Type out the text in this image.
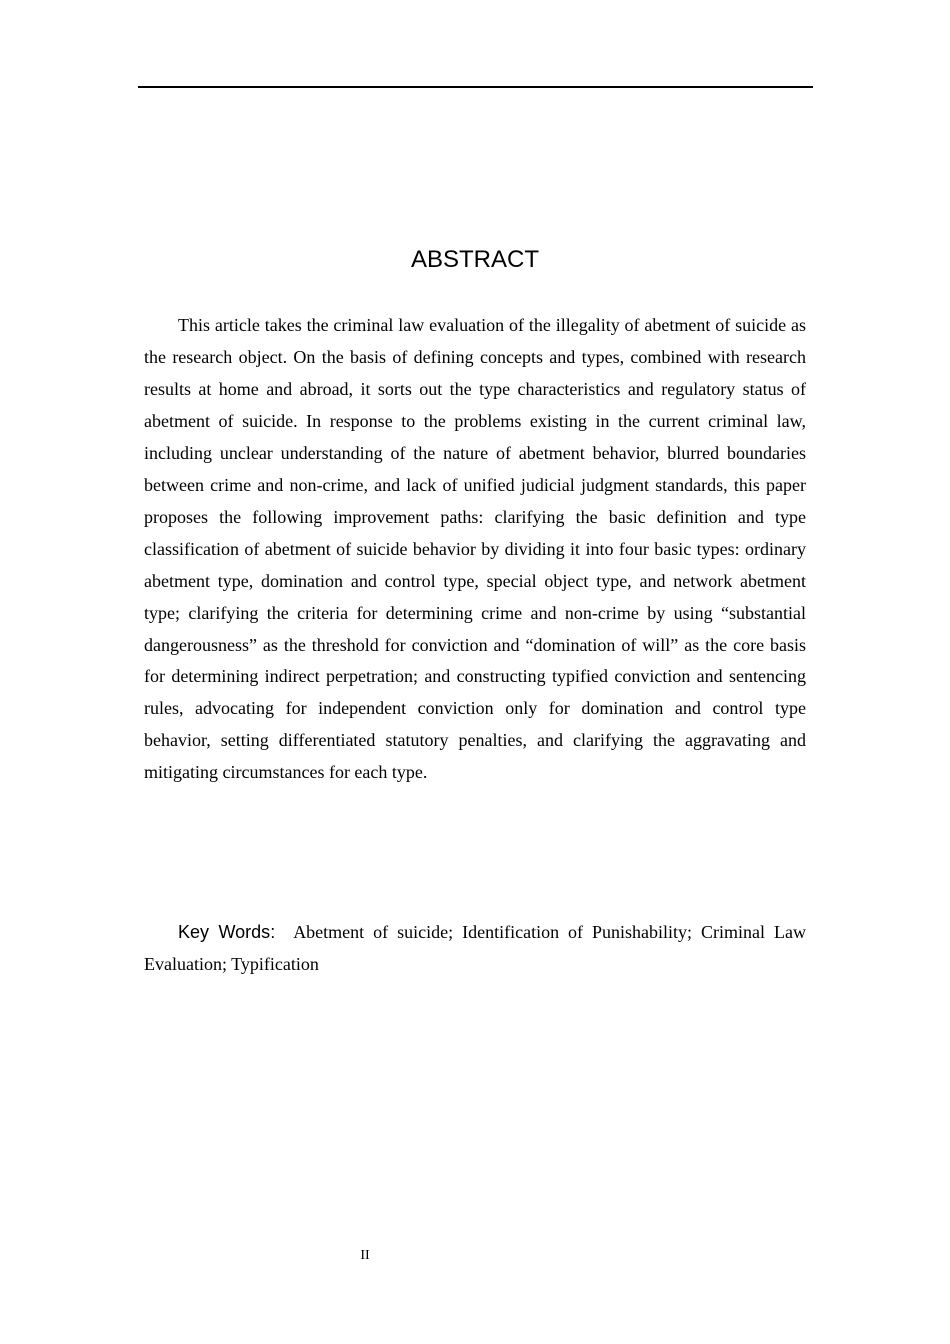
ABSTRACT

This article takes the criminal law evaluation of the illegality of abetment of suicide as the research object. On the basis of defining concepts and types, combined with research results at home and abroad, it sorts out the type characteristics and regulatory status of abetment of suicide. In response to the problems existing in the current criminal law, including unclear understanding of the nature of abetment behavior, blurred boundaries between crime and non-crime, and lack of unified judicial judgment standards, this paper proposes the following improvement paths: clarifying the basic definition and type classification of abetment of suicide behavior by dividing it into four basic types: ordinary abetment type, domination and control type, special object type, and network abetment type; clarifying the criteria for determining crime and non-crime by using “substantial dangerousness” as the threshold for conviction and “domination of will” as the core basis for determining indirect perpetration; and constructing typified conviction and sentencing rules, advocating for independent conviction only for domination and control type behavior, setting differentiated statutory penalties, and clarifying the aggravating and mitigating circumstances for each type.

Key Words: Abetment of suicide; Identification of Punishability; Criminal Law Evaluation; Typification

II
